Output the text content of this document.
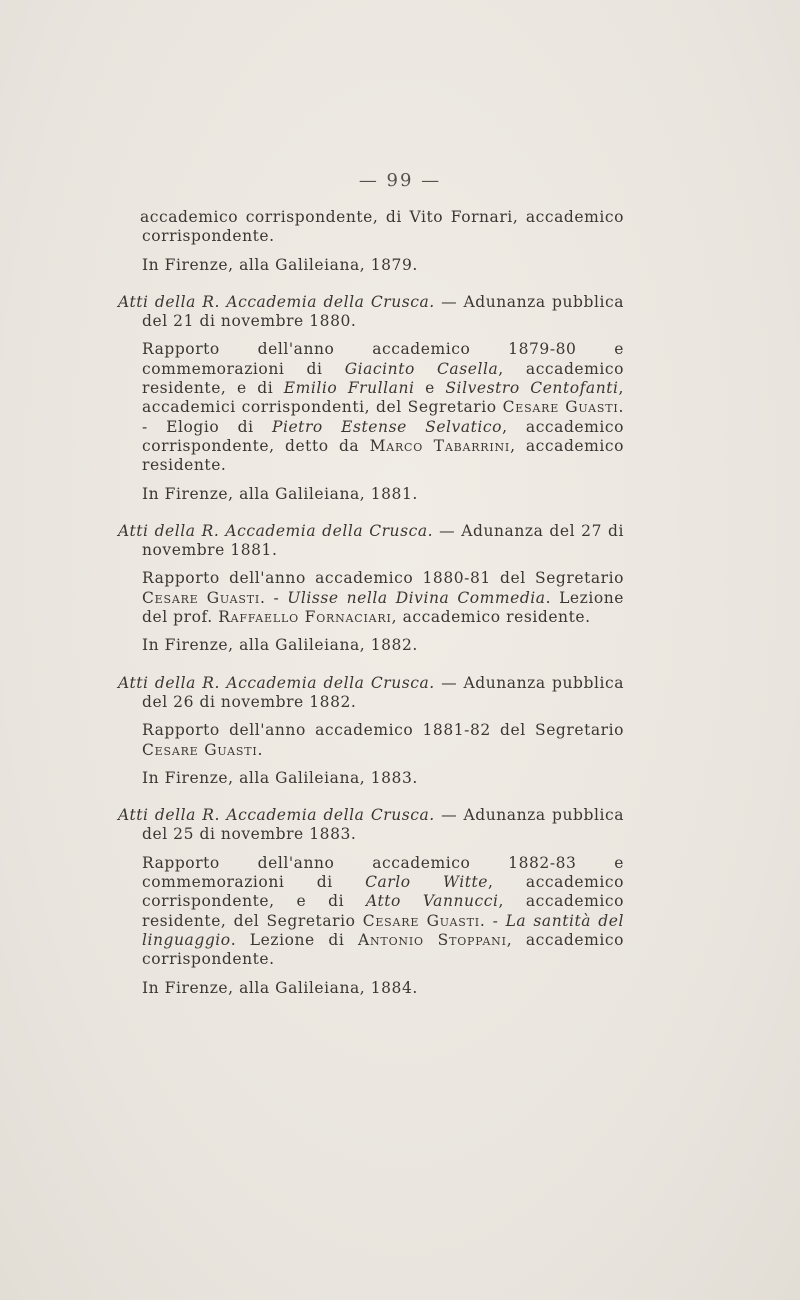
— 99 —

accademico corrispondente, di Vito Fornari, accademico corrispondente.

In Firenze, alla Galileiana, 1879.

Atti della R. Accademia della Crusca. — Adunanza pubblica del 21 di novembre 1880.

Rapporto dell'anno accademico 1879-80 e commemorazioni di Giacinto Casella, accademico residente, e di Emilio Frullani e Silvestro Centofanti, accademici corrispondenti, del Segretario Cesare Guasti. - Elogio di Pietro Estense Selvatico, accademico corrispondente, detto da Marco Tabarrini, accademico residente.

In Firenze, alla Galileiana, 1881.

Atti della R. Accademia della Crusca. — Adunanza del 27 di novembre 1881.

Rapporto dell'anno accademico 1880-81 del Segretario Cesare Guasti. - Ulisse nella Divina Commedia. Lezione del prof. Raffaello Fornaciari, accademico residente.

In Firenze, alla Galileiana, 1882.

Atti della R. Accademia della Crusca. — Adunanza pubblica del 26 di novembre 1882.

Rapporto dell'anno accademico 1881-82 del Segretario Cesare Guasti.

In Firenze, alla Galileiana, 1883.

Atti della R. Accademia della Crusca. — Adunanza pubblica del 25 di novembre 1883.

Rapporto dell'anno accademico 1882-83 e commemorazioni di Carlo Witte, accademico corrispondente, e di Atto Vannucci, accademico residente, del Segretario Cesare Guasti. - La santità del linguaggio. Lezione di Antonio Stoppani, accademico corrispondente.

In Firenze, alla Galileiana, 1884.
